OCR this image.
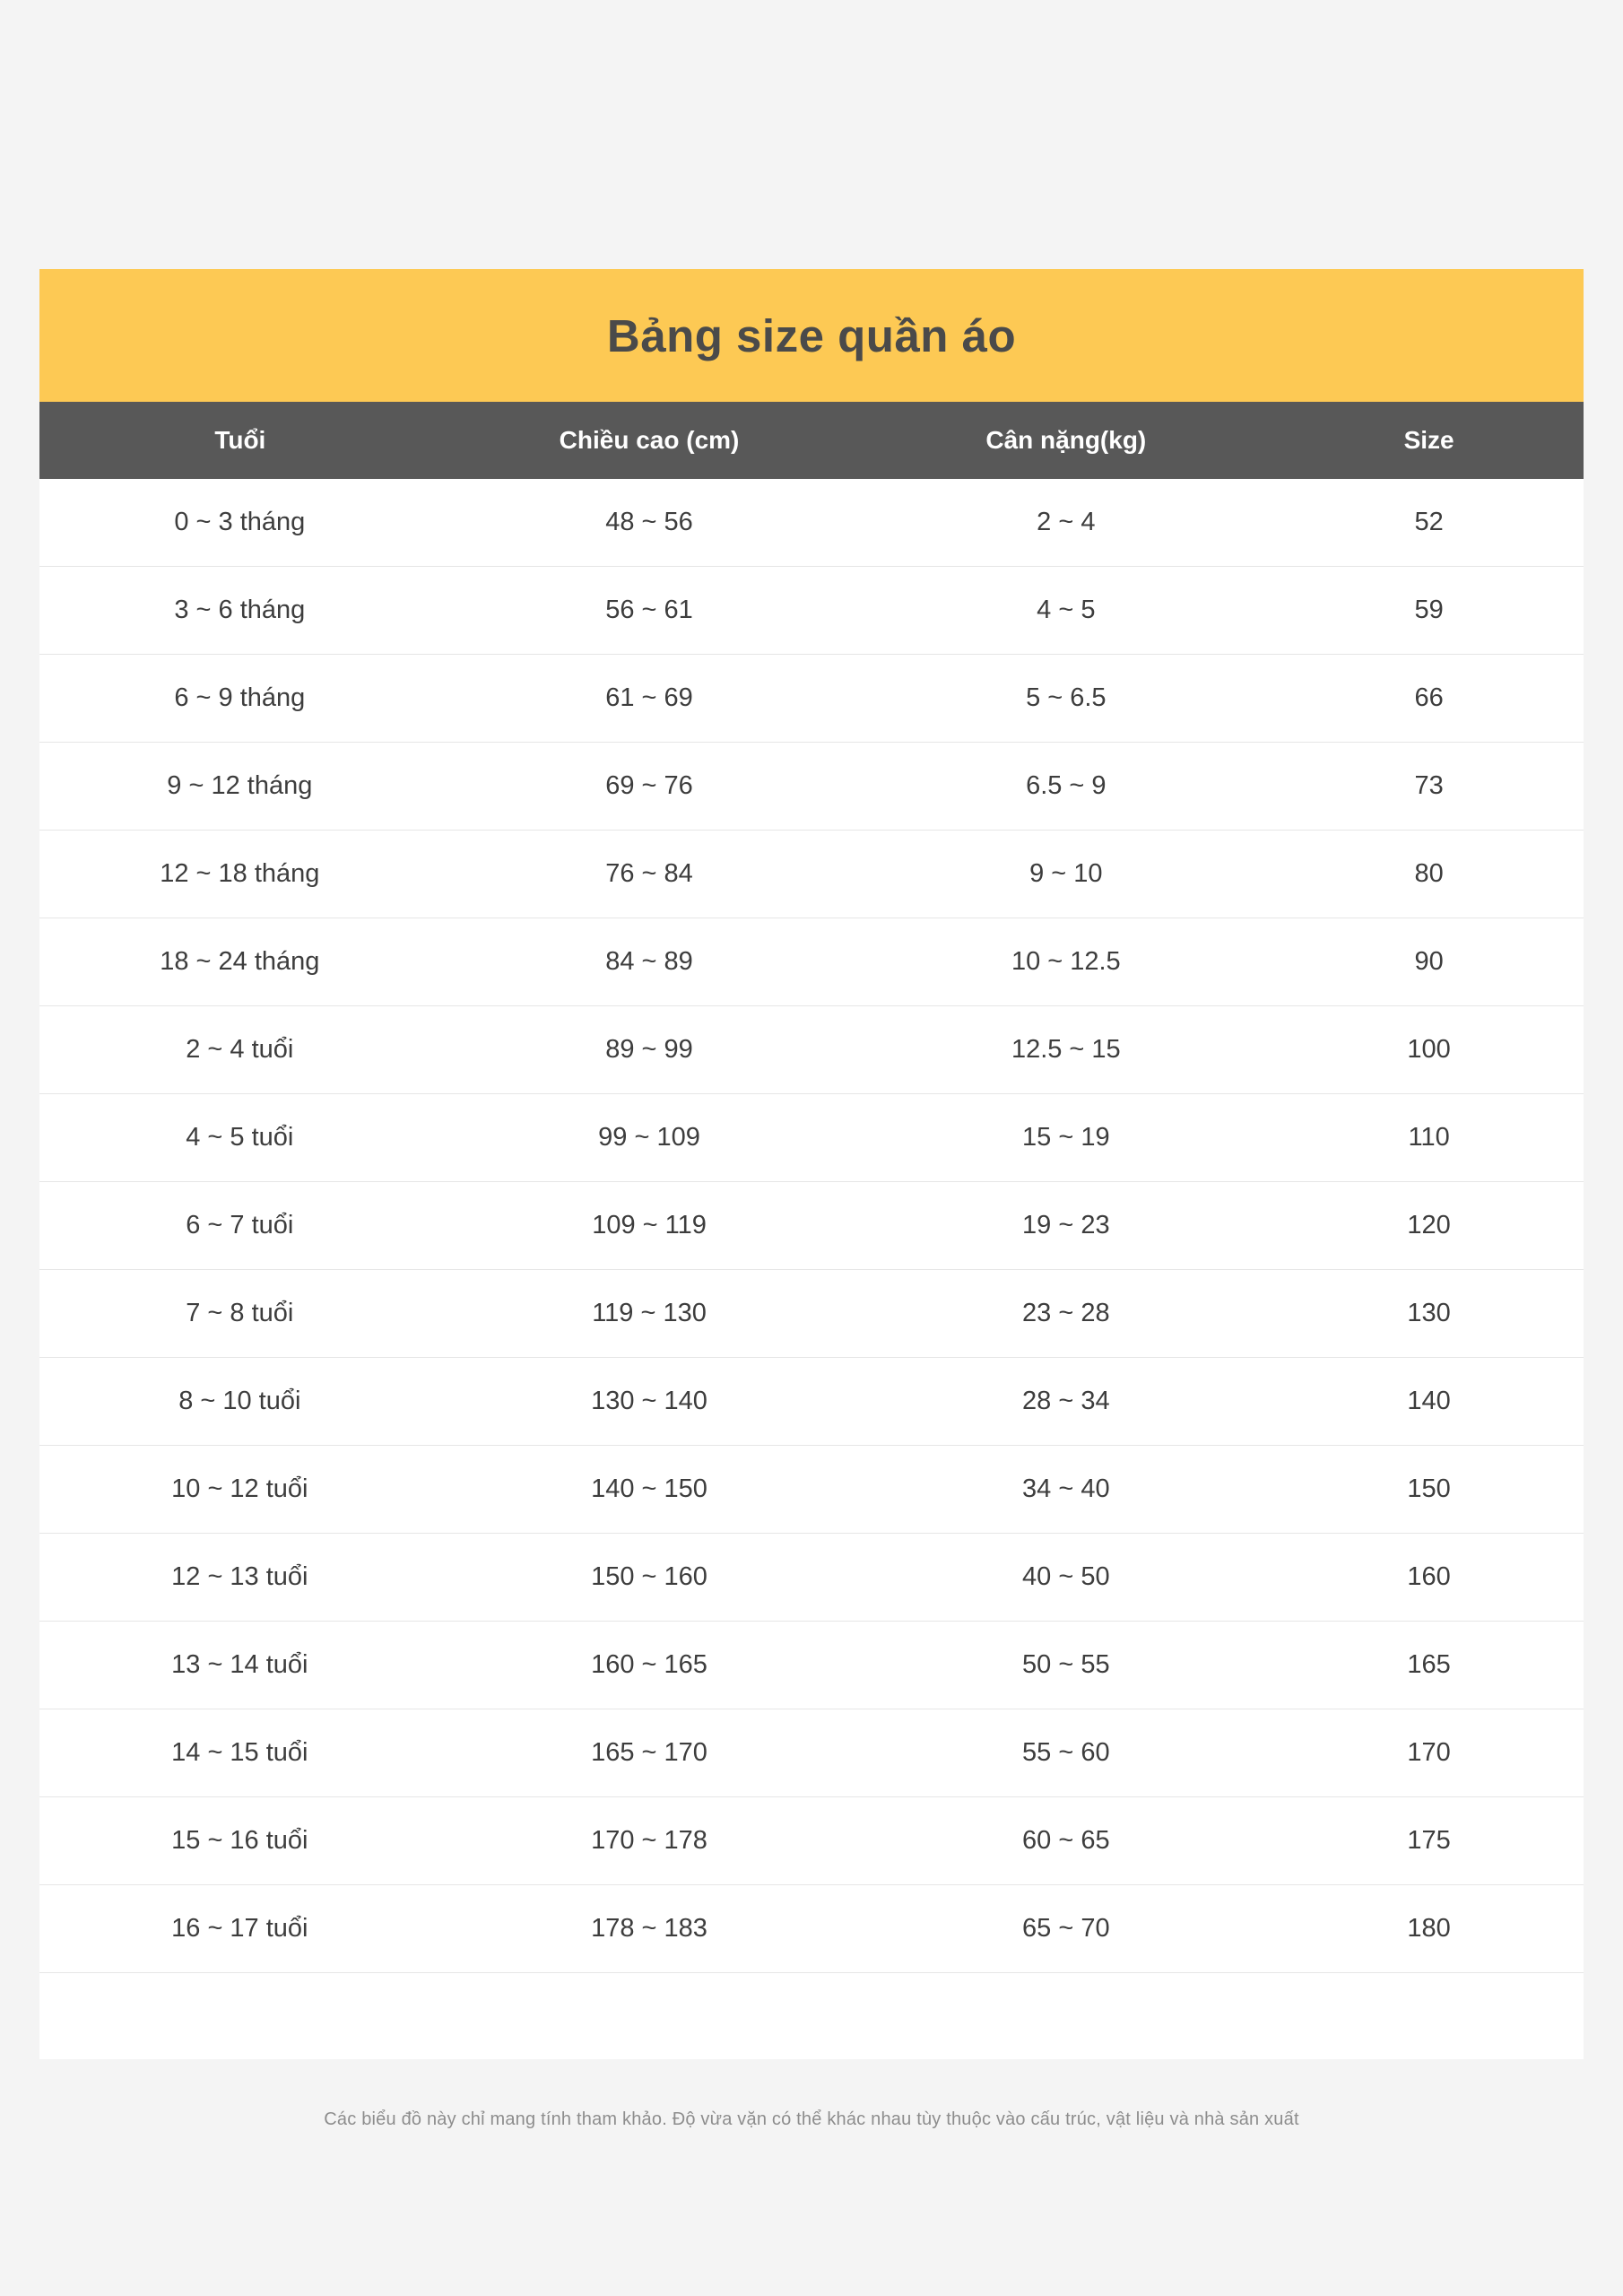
Bảng size quần áo
Tuổi	Chiều cao (cm)	Cân nặng(kg)	Size
0 ~ 3 tháng	48 ~ 56	2 ~ 4	52
3 ~ 6 tháng	56 ~ 61	4 ~ 5	59
6 ~ 9 tháng	61 ~ 69	5 ~ 6.5	66
9 ~ 12 tháng	69 ~ 76	6.5 ~ 9	73
12 ~ 18 tháng	76 ~ 84	9 ~ 10	80
18 ~ 24 tháng	84 ~ 89	10 ~ 12.5	90
2 ~ 4 tuổi	89 ~ 99	12.5 ~ 15	100
4 ~ 5 tuổi	99 ~ 109	15 ~ 19	110
6 ~ 7 tuổi	109 ~ 119	19 ~ 23	120
7 ~ 8 tuổi	119 ~ 130	23 ~ 28	130
8 ~ 10 tuổi	130 ~ 140	28 ~ 34	140
10 ~ 12 tuổi	140 ~ 150	34 ~ 40	150
12 ~ 13 tuổi	150 ~ 160	40 ~ 50	160
13 ~ 14 tuổi	160 ~ 165	50 ~ 55	165
14 ~ 15 tuổi	165 ~ 170	55 ~ 60	170
15 ~ 16 tuổi	170 ~ 178	60 ~ 65	175
16 ~ 17 tuổi	178 ~ 183	65 ~ 70	180
Các biểu đồ này chỉ mang tính tham khảo. Độ vừa vặn có thể khác nhau tùy thuộc vào cấu trúc, vật liệu và nhà sản xuất
